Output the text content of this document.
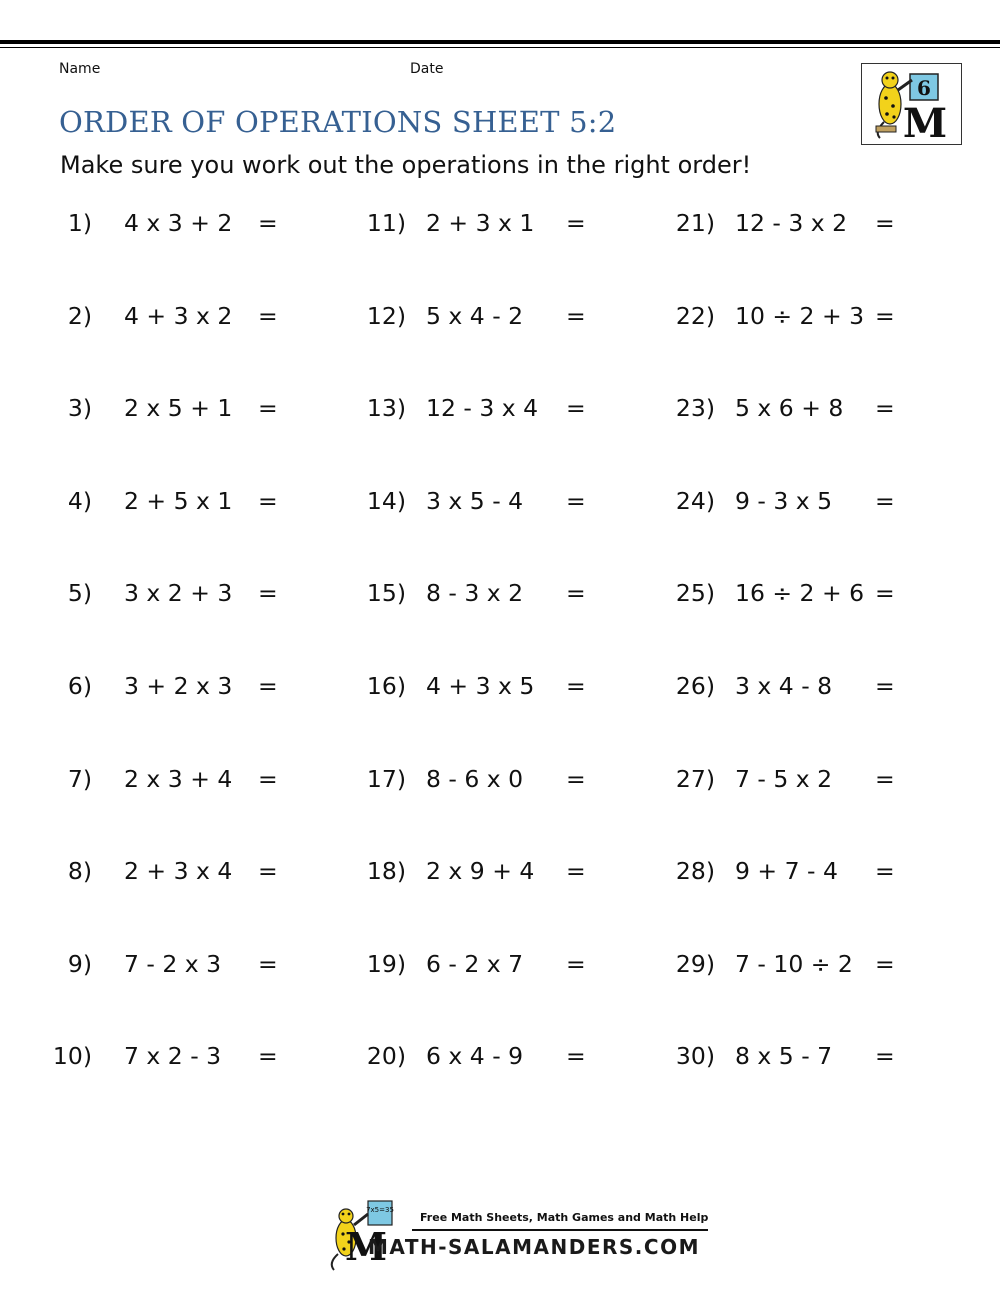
Name	Date
ORDER OF OPERATIONS SHEET 5:2
Make sure you work out the operations in the right order!
6
M
1) 4 x 3 + 2 =
2) 4 + 3 x 2 =
3) 2 x 5 + 1 =
4) 2 + 5 x 1 =
5) 3 x 2 + 3 =
6) 3 + 2 x 3 =
7) 2 x 3 + 4 =
8) 2 + 3 x 4 =
9) 7 - 2 x 3 =
10) 7 x 2 - 3 =
11) 2 + 3 x 1 =
12) 5 x 4 - 2 =
13) 12 - 3 x 4 =
14) 3 x 5 - 4 =
15) 8 - 3 x 2 =
16) 4 + 3 x 5 =
17) 8 - 6 x 0 =
18) 2 x 9 + 4 =
19) 6 - 2 x 7 =
20) 6 x 4 - 9 =
21) 12 - 3 x 2 =
22) 10 ÷ 2 + 3 =
23) 5 x 6 + 8 =
24) 9 - 3 x 5 =
25) 16 ÷ 2 + 6 =
26) 3 x 4 - 8 =
27) 7 - 5 x 2 =
28) 9 + 7 - 4 =
29) 7 - 10 ÷ 2 =
30) 8 x 5 - 7 =
7x5=35
M
Free Math Sheets, Math Games and Math Help
MATH-SALAMANDERS.COM
